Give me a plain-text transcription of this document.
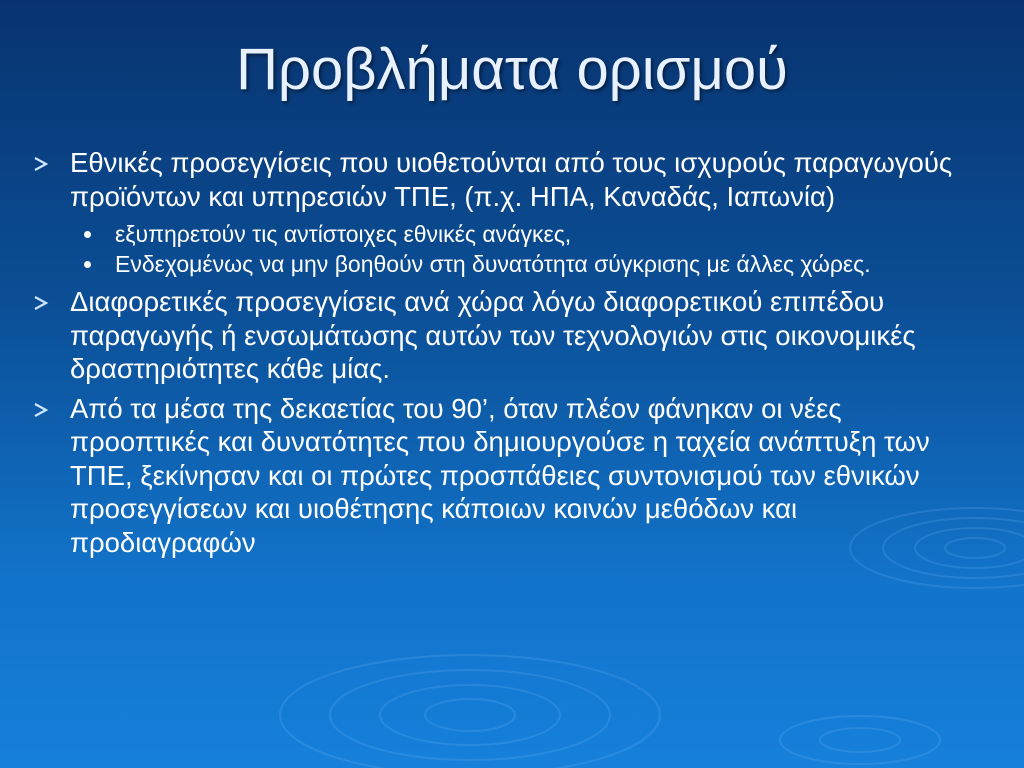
Προβλήματα ορισμού
Εθνικές προσεγγίσεις που υιοθετούνται από τους ισχυρούς παραγωγούς προϊόντων και υπηρεσιών ΤΠΕ, (π.χ. ΗΠΑ, Καναδάς, Ιαπωνία)
εξυπηρετούν τις αντίστοιχες εθνικές ανάγκες,
Ενδεχομένως να μην βοηθούν στη δυνατότητα σύγκρισης με άλλες χώρες.
Διαφορετικές προσεγγίσεις ανά χώρα λόγω διαφορετικού επιπέδου παραγωγής ή ενσωμάτωσης αυτών των τεχνολογιών στις οικονομικές δραστηριότητες κάθε μίας.
Από τα μέσα της δεκαετίας του 90’, όταν πλέον φάνηκαν οι νέες προοπτικές και δυνατότητες που δημιουργούσε η ταχεία ανάπτυξη των ΤΠΕ, ξεκίνησαν και οι πρώτες προσπάθειες συντονισμού των εθνικών προσεγγίσεων και υιοθέτησης κάποιων κοινών μεθόδων και προδιαγραφών
